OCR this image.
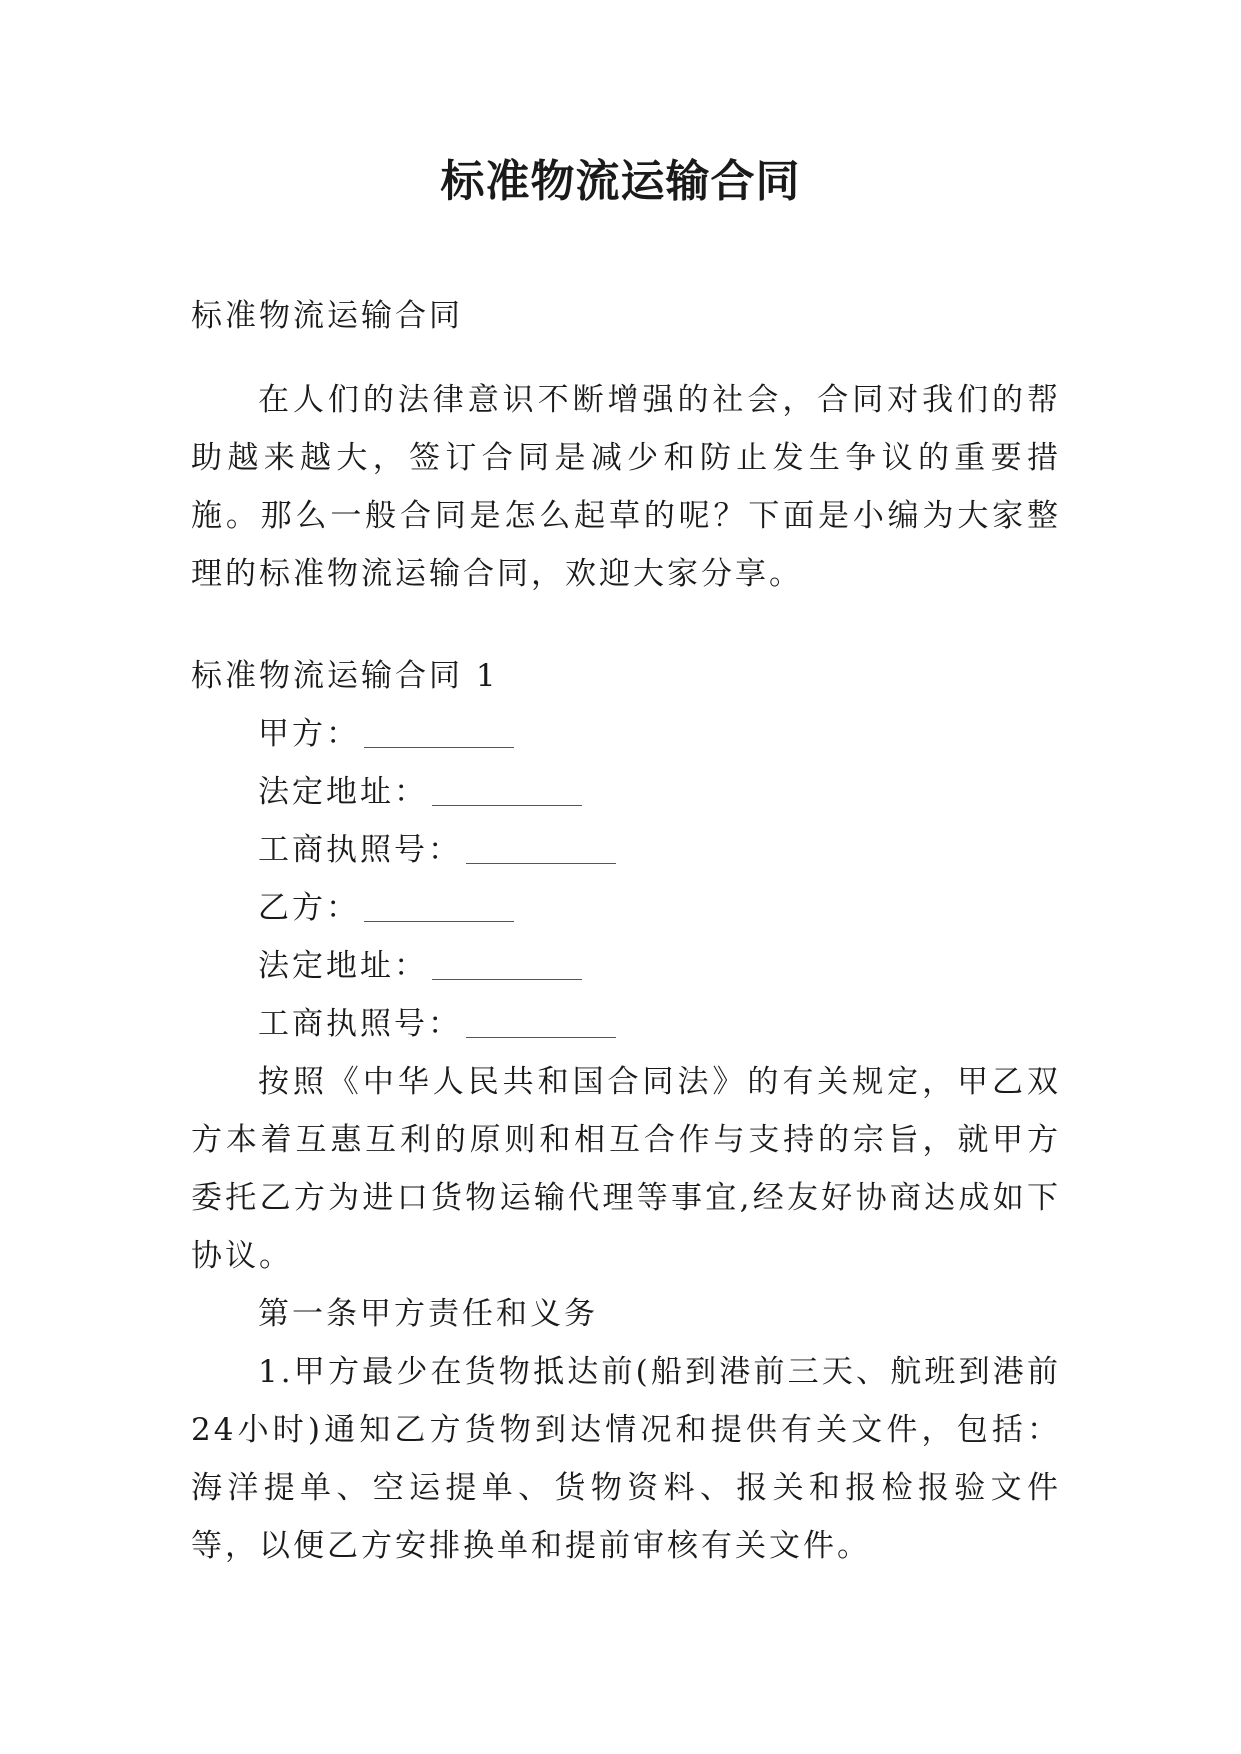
标准物流运输合同

标准物流运输合同

在人们的法律意识不断增强的社会，合同对我们的帮助越来越大，签订合同是减少和防止发生争议的重要措施。那么一般合同是怎么起草的呢？下面是小编为大家整理的标准物流运输合同，欢迎大家分享。

标准物流运输合同 1

甲方：

法定地址：

工商执照号：

乙方：

法定地址：

工商执照号：

按照《中华人民共和国合同法》的有关规定，甲乙双方本着互惠互利的原则和相互合作与支持的宗旨，就甲方委托乙方为进口货物运输代理等事宜,经友好协商达成如下协议。

第一条甲方责任和义务

1.甲方最少在货物抵达前(船到港前三天、航班到港前24小时)通知乙方货物到达情况和提供有关文件，包括：海洋提单、空运提单、货物资料、报关和报检报验文件等，以便乙方安排换单和提前审核有关文件。
